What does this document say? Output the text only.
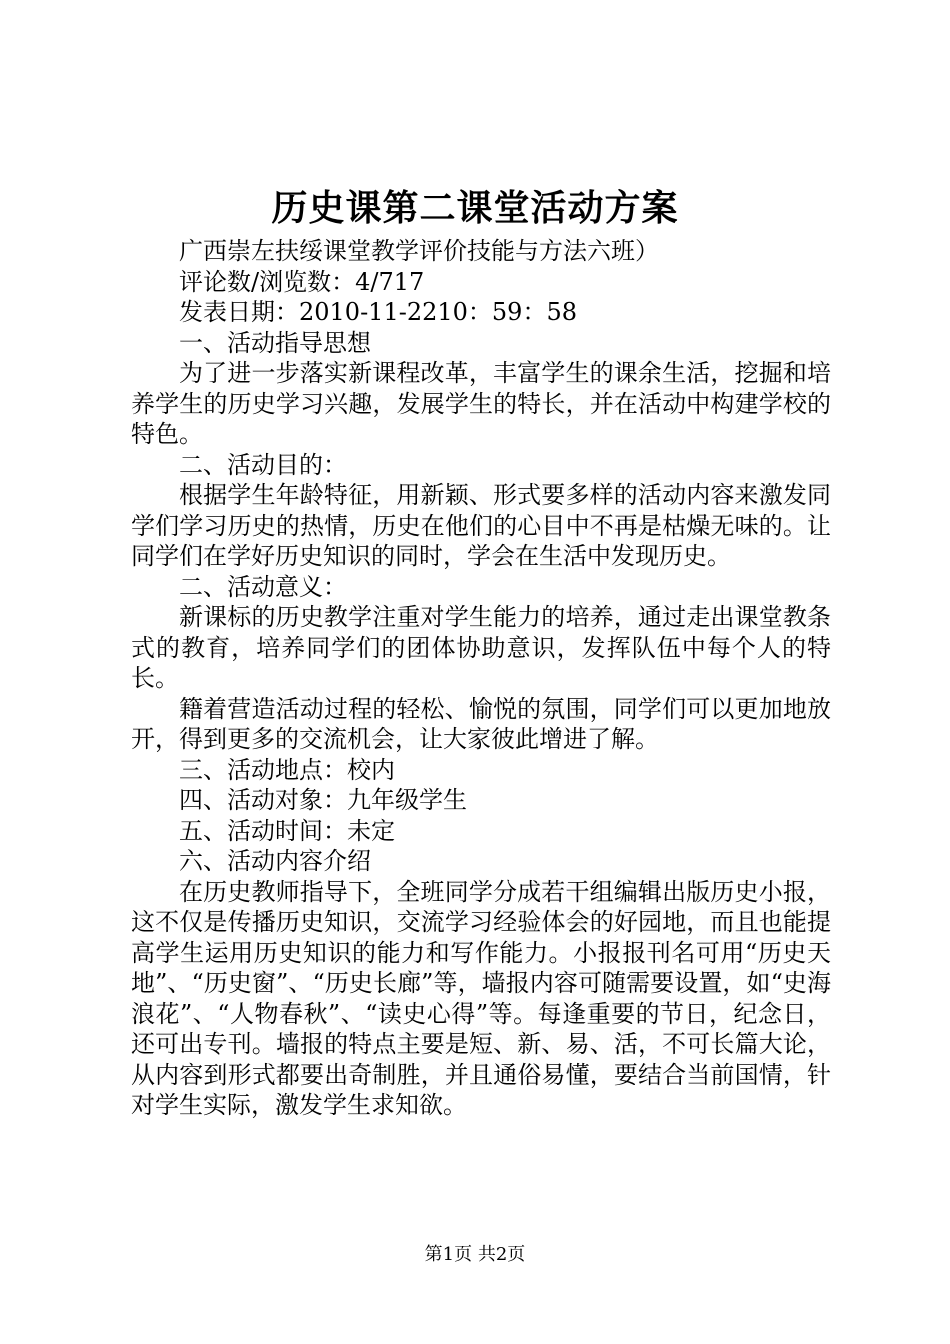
历史课第二课堂活动方案

广西崇左扶绥课堂教学评价技能与方法六班）

评论数/浏览数：4/717

发表日期：2010-11-2210：59：58

一、活动指导思想

为了进一步落实新课程改革，丰富学生的课余生活，挖掘和培养学生的历史学习兴趣，发展学生的特长，并在活动中构建学校的特色。

二、活动目的：

根据学生年龄特征，用新颖、形式要多样的活动内容来激发同学们学习历史的热情，历史在他们的心目中不再是枯燥无味的。让同学们在学好历史知识的同时，学会在生活中发现历史。

二、活动意义：

新课标的历史教学注重对学生能力的培养，通过走出课堂教条式的教育，培养同学们的团体协助意识，发挥队伍中每个人的特长。

籍着营造活动过程的轻松、愉悦的氛围，同学们可以更加地放开，得到更多的交流机会，让大家彼此增进了解。

三、活动地点：校内

四、活动对象：九年级学生

五、活动时间：未定

六、活动内容介绍

在历史教师指导下，全班同学分成若干组编辑出版历史小报，这不仅是传播历史知识，交流学习经验体会的好园地，而且也能提高学生运用历史知识的能力和写作能力。小报报刊名可用“历史天地”、“历史窗”、“历史长廊”等，墙报内容可随需要设置，如“史海浪花”、“人物春秋”、“读史心得”等。每逢重要的节日，纪念日，还可出专刊。墙报的特点主要是短、新、易、活，不可长篇大论，从内容到形式都要出奇制胜，并且通俗易懂，要结合当前国情，针对学生实际，激发学生求知欲。

第1页 共2页
